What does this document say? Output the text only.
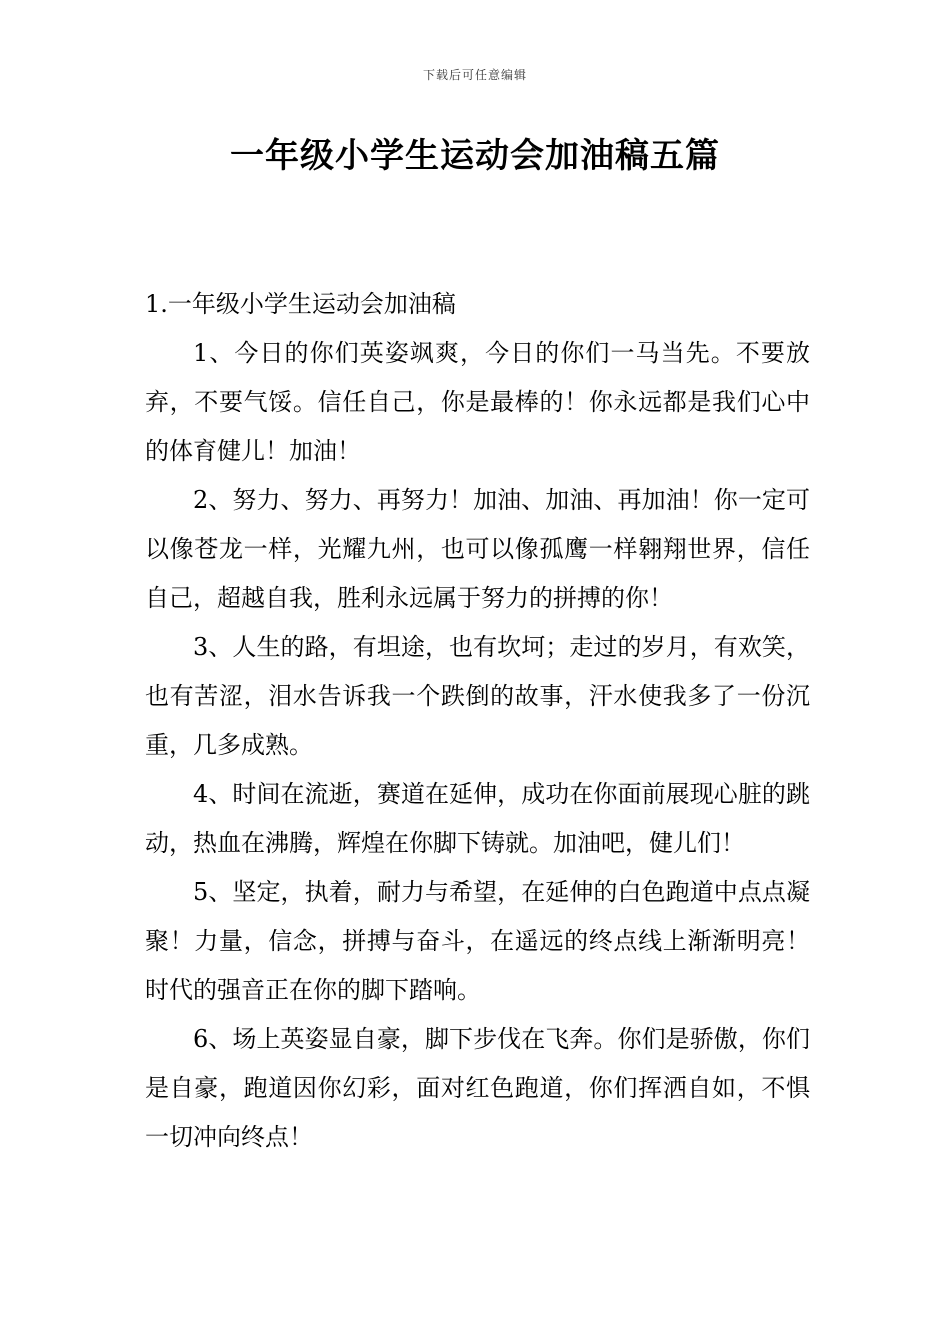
下载后可任意编辑
一年级小学生运动会加油稿五篇

1.一年级小学生运动会加油稿

1、今日的你们英姿飒爽，今日的你们一马当先。不要放弃，不要气馁。信任自己，你是最棒的！你永远都是我们心中的体育健儿！加油！

2、努力、努力、再努力！加油、加油、再加油！你一定可以像苍龙一样，光耀九州，也可以像孤鹰一样翱翔世界，信任自己，超越自我，胜利永远属于努力的拼搏的你！

3、人生的路，有坦途，也有坎坷；走过的岁月，有欢笑，也有苦涩，泪水告诉我一个跌倒的故事，汗水使我多了一份沉重，几多成熟。

4、时间在流逝，赛道在延伸，成功在你面前展现心脏的跳动，热血在沸腾，辉煌在你脚下铸就。加油吧，健儿们！

5、坚定，执着，耐力与希望，在延伸的白色跑道中点点凝聚！力量，信念，拼搏与奋斗，在遥远的终点线上渐渐明亮！时代的强音正在你的脚下踏响。

6、场上英姿显自豪，脚下步伐在飞奔。你们是骄傲，你们是自豪，跑道因你幻彩，面对红色跑道，你们挥洒自如，不惧一切冲向终点！
